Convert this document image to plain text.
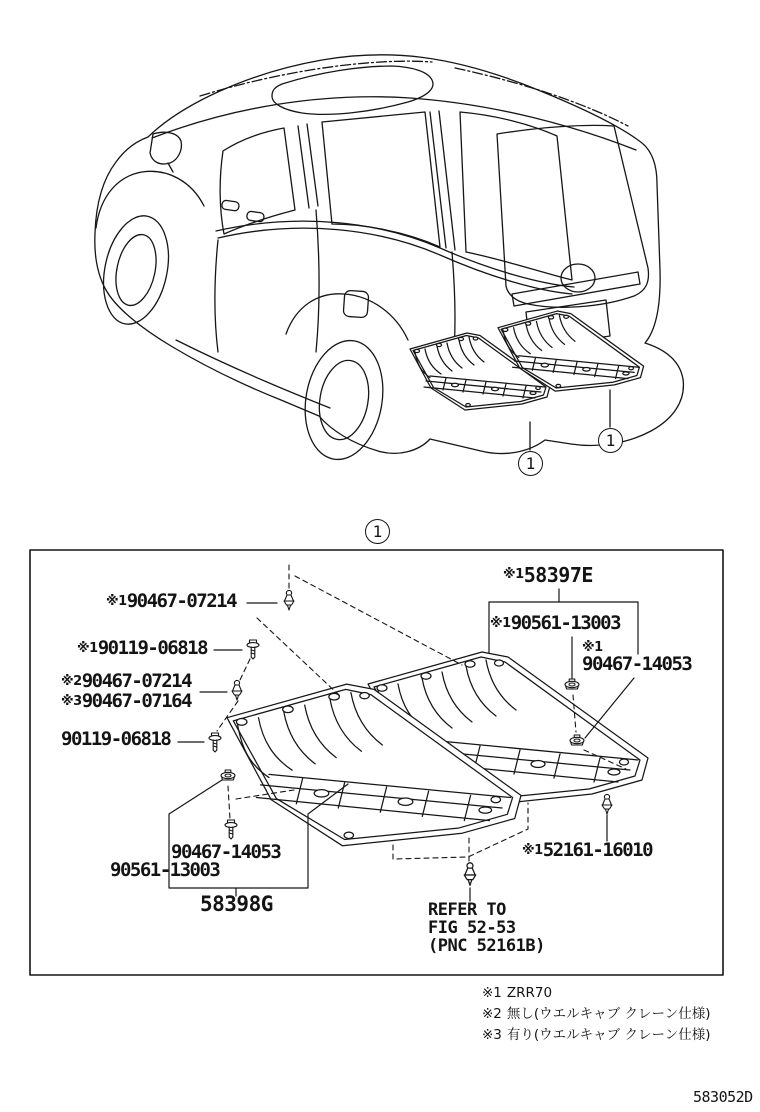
1
1
1
※1 90467-07214
※1 90119-06818
※2 90467-07214
※3 90467-07164
90119-06818
※1 58397E
※1 90561-13003
※1
90467-14053
90467-14053
90561-13003
58398G
※1 52161-16010
REFER TO
FIG 52-53
(PNC 52161B)
※1 ZRR70
※2 無し(ウエルキャブ クレーン仕様)
※3 有り(ウエルキャブ クレーン仕様)
583052D
